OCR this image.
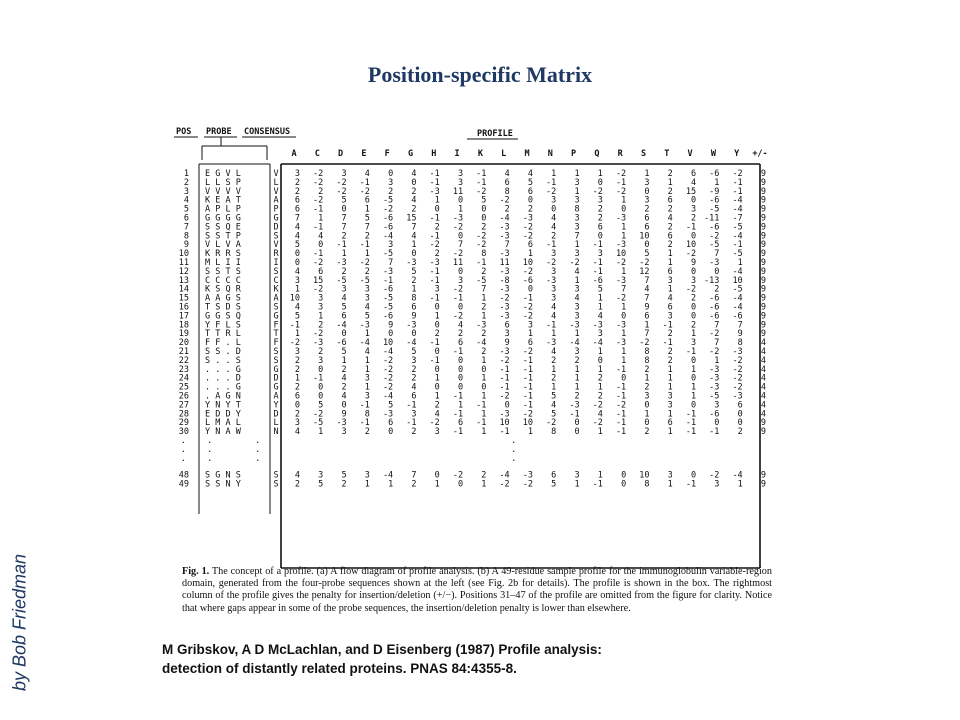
Position-specific Matrix
by Bob Friedman
POS PROBE CONSENSUS	PROFILE
A C D E F G H I K L M N P Q R S T V W Y +/-
1 E G V L	V 3 -2 3 4 0 4 -1 3 -1 4 4 1 1 1 -2 1 2 6 -6 -2 9
2 L L S P	L 2 -2 -2 -1 3 0 -1 3 -1 6 5 -1 3 0 -1 3 1 4 1 -1 9
3 V V V V	V 2 2 -2 -2 2 2 -3 11 -2 8 6 -2 1 -2 -2 0 2 15 -9 -1 9
4 K E A T	A 6 -2 5 6 -5 4 1 0 5 -2 0 3 3 3 1 3 6 0 -6 -4 9
5 A P L P	P 6 -1 0 1 -2 2 0 1 0 2 2 0 8 2 0 2 2 3 -5 -4 9
6 G G G G	G 7 1 7 5 -6 15 -1 -3 0 -4 -3 4 3 2 -3 6 4 2 -11 -7 9
7 S S Q E	D 4 -1 7 7 -6 7 2 -2 2 -3 -2 4 3 6 1 6 2 -1 -6 -5 9
8 S S T P	S 4 4 2 2 -4 4 -1 0 -2 -3 -2 2 7 0 1 10 6 0 -2 -4 9
9 V L V A	V 5 0 -1 -1 3 1 -2 7 -2 7 6 -1 1 -1 -3 0 2 10 -5 -1 9
10 K R R S	R 0 -1 1 1 -5 0 2 -2 8 -3 1 3 3 3 10 5 1 -2 7 -5 9
11 M L I I	I 0 -2 -3 -2 7 -3 -3 11 -1 11 10 -2 -2 -1 -2 -2 1 9 -3 1 9
12 S S T S	S 4 6 2 2 -3 5 -1 0 2 -3 -2 3 4 -1 1 12 6 0 0 -4 9
13 C C C C	C 3 15 -5 -5 -1 2 -1 3 -5 -8 -6 -3 1 -6 -3 7 3 3 -13 10 9
14 K S Q R	K 1 -2 3 3 -6 1 3 -2 7 -3 0 3 3 5 7 4 1 -2 2 -5 9
15 A A G S	A 10 3 4 3 -5 8 -1 -1 1 -2 -1 3 4 1 -2 7 4 2 -6 -4 9
16 T S D S	S 4 3 5 4 -5 6 0 0 2 -3 -2 4 3 1 1 9 6 0 -6 -4 9
17 G G S Q	G 5 1 6 5 -6 9 1 -2 1 -3 -2 4 3 4 0 6 3 0 -6 -6 9
18 Y F L S	F -1 2 -4 -3 9 -3 0 4 -3 6 3 -1 -3 -3 -3 1 -1 2 7 7 9
19 T T R L	T 1 -2 0 1 0 0 2 2 2 3 1 1 1 3 1 7 2 1 -2 9 9
20 F F . L	F -2 -3 -6 -4 10 -4 -1 6 -4 9 6 -3 -4 -4 -3 -2 -1 3 7 8 4
21 S S . D	S 3 2 5 4 -4 5 0 -1 2 -3 -2 4 3 1 1 8 2 -1 -2 -3 4
22 S . . S	S 2 3 1 1 -2 3 -1 0 1 -2 -1 2 2 0 1 8 2 0 1 -2 4
23 . . . G	G 2 0 2 1 -2 2 0 0 0 -1 -1 1 1 1 -1 2 1 1 -3 -2 4
24 . . . D	D 1 -1 4 3 -2 2 1 0 1 -1 -1 2 1 2 0 1 1 0 -3 -2 4
25 . . . G	G 2 0 2 1 -2 4 0 0 0 -1 -1 1 1 1 -1 2 1 1 -3 -2 4
26 . A G N	A 6 0 4 3 -4 6 1 -1 1 -2 -1 5 2 2 -1 3 3 1 -5 -3 4
27 Y N Y T	Y 0 5 0 -1 5 -1 2 1 -1 0 -1 4 -3 -2 -2 0 3 0 3 6 4
28 E D D Y	D 2 -2 9 8 -3 3 4 -1 1 -3 -2 5 -1 4 -1 1 1 -1 -6 0 4
29 L M A L	L 3 -5 -3 -1 6 -1 -2 6 -1 10 10 -2 0 -2 -1 0 6 -1 0 0 9
30 Y N A W	N 4 1 3 2 0 2 3 -1 1 -1 1 8 0 1 -1 2 1 -1 -1 2 9
. .	.	.
. .	.	.
. .	.	.
48 S G N S	S 4 3 5 3 -4 7 0 -2 2 -4 -3 6 3 1 0 10 3 0 -2 -4 9
49 S S N Y	S 2 5 2 1 1 2 1 0 1 -2 -2 5 1 -1 0 8 1 -1 3 1 9
Fig. 1. The concept of a profile. (a) A flow diagram of profile analysis. (b) A 49-residue sample profile for the immunoglobulin variable-region domain, generated from the four-probe sequences shown at the left (see Fig. 2b for details). The profile is shown in the box. The rightmost column of the profile gives the penalty for insertion/deletion (+/−). Positions 31–47 of the profile are omitted from the figure for clarity. Notice that where gaps appear in some of the probe sequences, the insertion/deletion penalty is lower than elsewhere.
M Gribskov, A D McLachlan, and D Eisenberg (1987) Profile analysis:
detection of distantly related proteins. PNAS 84:4355-8.
